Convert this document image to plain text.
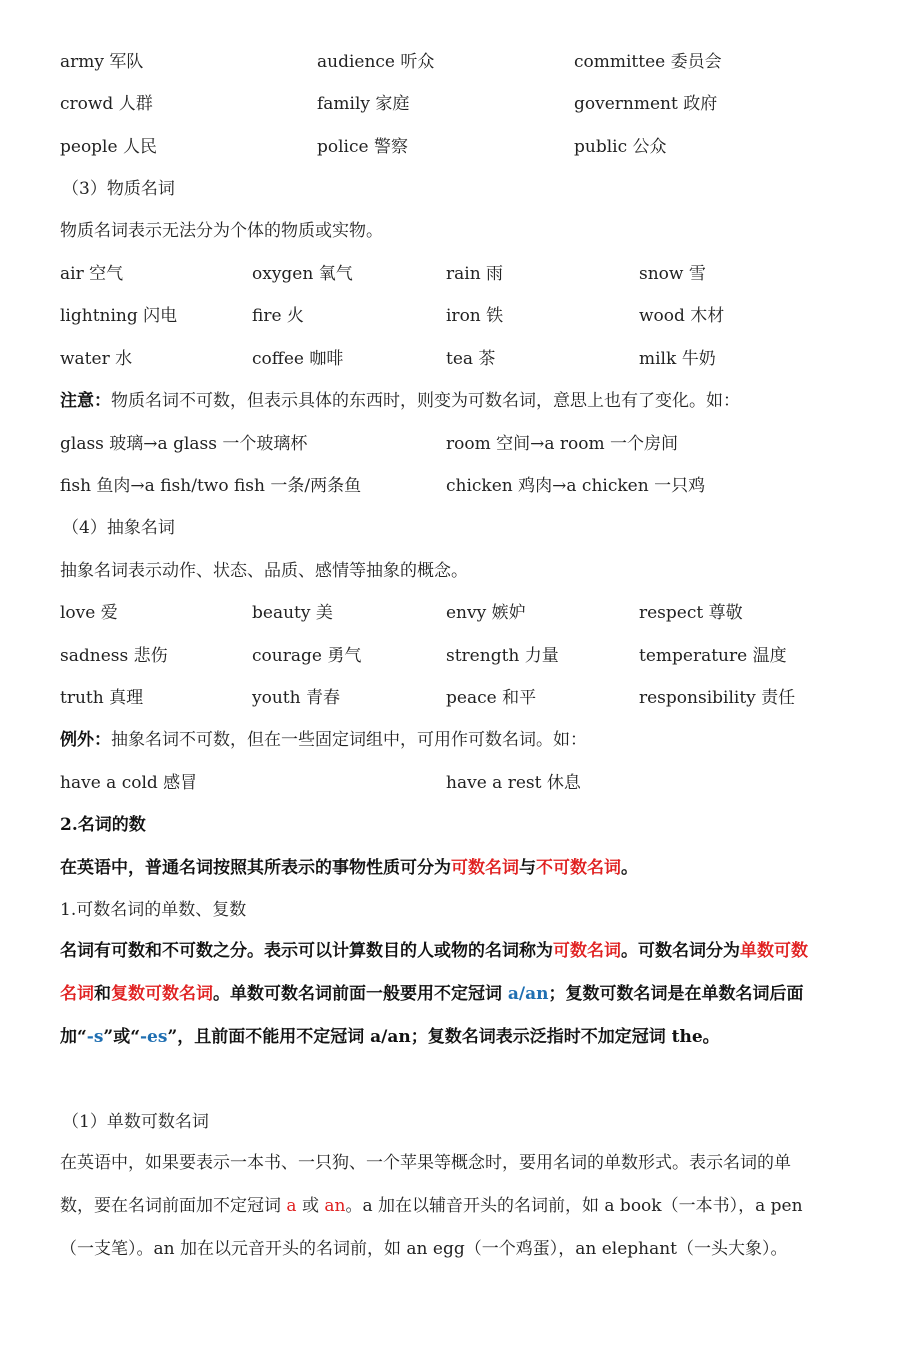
army 军队	audience 听众	committee 委员会
crowd 人群	family 家庭	government 政府
people 人民	police 警察	public 公众
（3）物质名词
物质名词表示无法分为个体的物质或实物。
air 空气	oxygen 氧气	rain 雨	snow 雪
lightning 闪电	fire 火	iron 铁	wood 木材
water 水	coffee 咖啡	tea 茶	milk 牛奶
注意：物质名词不可数，但表示具体的东西时，则变为可数名词，意思上也有了变化。如：
glass 玻璃→a glass 一个玻璃杯	room 空间→a room 一个房间
fish 鱼肉→a fish/two fish 一条/两条鱼	chicken 鸡肉→a chicken 一只鸡
（4）抽象名词
抽象名词表示动作、状态、品质、感情等抽象的概念。
love 爱	beauty 美	envy 嫉妒	respect 尊敬
sadness 悲伤	courage 勇气	strength 力量	temperature 温度
truth 真理	youth 青春	peace 和平	responsibility 责任
例外：抽象名词不可数，但在一些固定词组中，可用作可数名词。如：
have a cold 感冒	have a rest 休息
2.名词的数
在英语中，普通名词按照其所表示的事物性质可分为可数名词与不可数名词。
1.可数名词的单数、复数
名词有可数和不可数之分。表示可以计算数目的人或物的名词称为可数名词。可数名词分为单数可数名词和复数可数名词。单数可数名词前面一般要用不定冠词 a/an；复数可数名词是在单数名词后面加“-s”或“-es”，且前面不能用不定冠词 a/an；复数名词表示泛指时不加定冠词 the。
（1）单数可数名词
在英语中，如果要表示一本书、一只狗、一个苹果等概念时，要用名词的单数形式。表示名词的单数，要在名词前面加不定冠词 a 或 an。a 加在以辅音开头的名词前，如 a book（一本书），a pen（一支笔）。an 加在以元音开头的名词前，如 an egg（一个鸡蛋），an elephant（一头大象）。
